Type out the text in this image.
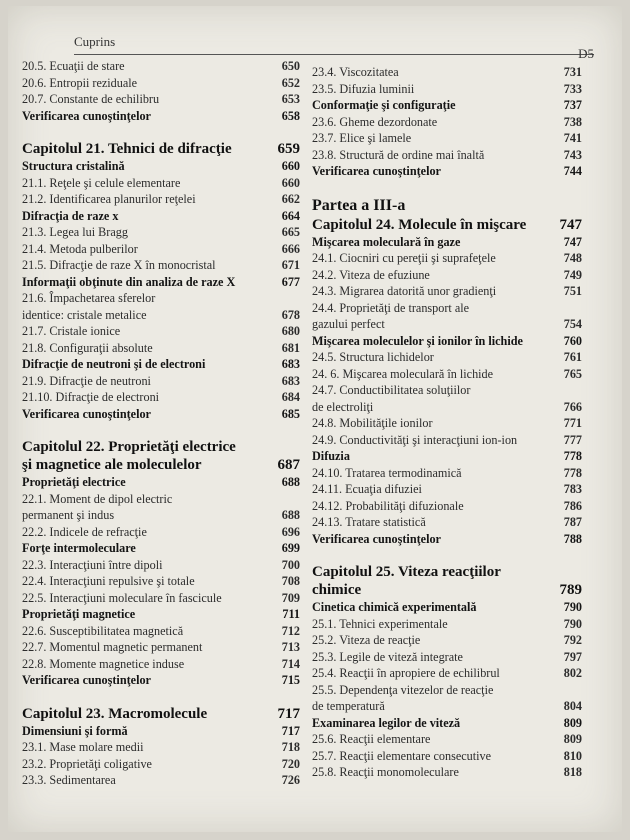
Cuprins
D5
20.5. Ecuaţii de stare	650
20.6. Entropii reziduale	652
20.7. Constante de echilibru	653
Verificarea cunoştinţelor	658
Capitolul 21. Tehnici de difracţie	659
Structura cristalină	660
21.1. Reţele şi celule elementare	660
21.2. Identificarea planurilor reţelei	662
Difracţia de raze x	664
21.3. Legea lui Bragg	665
21.4. Metoda pulberilor	666
21.5. Difracţie de raze X în monocristal	671
Informaţii obţinute din analiza de raze X	677
21.6. Împachetarea sferelor
identice: cristale metalice	678
21.7. Cristale ionice	680
21.8. Configuraţii absolute	681
Difracţie de neutroni şi de electroni	683
21.9. Difracţie de neutroni	683
21.10. Difracţie de electroni	684
Verificarea cunoştinţelor	685
Capitolul 22. Proprietăţi electrice
şi magnetice ale moleculelor	687
Proprietăţi electrice	688
22.1. Moment de dipol electric
permanent şi indus	688
22.2. Indicele de refracţie	696
Forţe intermoleculare	699
22.3. Interacţiuni între dipoli	700
22.4. Interacţiuni repulsive şi totale	708
22.5. Interacţiuni moleculare în fascicule	709
Proprietăţi magnetice	711
22.6. Susceptibilitatea magnetică	712
22.7. Momentul magnetic permanent	713
22.8. Momente magnetice induse	714
Verificarea cunoştinţelor	715
Capitolul 23. Macromolecule	717
Dimensiuni şi formă	717
23.1. Mase molare medii	718
23.2. Proprietăţi coligative	720
23.3. Sedimentarea	726
23.4. Viscozitatea	731
23.5. Difuzia luminii	733
Conformaţie şi configuraţie	737
23.6. Gheme dezordonate	738
23.7. Elice şi lamele	741
23.8. Structură de ordine mai înaltă	743
Verificarea cunoştinţelor	744
Partea a III-a
Capitolul 24. Molecule în mişcare	747
Mişcarea moleculară în gaze	747
24.1. Ciocniri cu pereţii şi suprafeţele	748
24.2. Viteza de efuziune	749
24.3. Migrarea datorită unor gradienţi	751
24.4. Proprietăţi de transport ale
gazului perfect	754
Mişcarea moleculelor şi ionilor în lichide	760
24.5. Structura lichidelor	761
24. 6. Mişcarea moleculară în lichide	765
24.7. Conductibilitatea soluţiilor
de electroliţi	766
24.8. Mobilităţile ionilor	771
24.9. Conductivităţi şi interacţiuni ion-ion	777
Difuzia	778
24.10. Tratarea termodinamică	778
24.11. Ecuaţia difuziei	783
24.12. Probabilităţi difuzionale	786
24.13. Tratare statistică	787
Verificarea cunoştinţelor	788
Capitolul 25. Viteza reacţiilor
chimice	789
Cinetica chimică experimentală	790
25.1. Tehnici experimentale	790
25.2. Viteza de reacţie	792
25.3. Legile de viteză integrate	797
25.4. Reacţii în apropiere de echilibrul	802
25.5. Dependenţa vitezelor de reacţie
de temperatură	804
Examinarea legilor de viteză	809
25.6. Reacţii elementare	809
25.7. Reacţii elementare consecutive	810
25.8. Reacţii monomoleculare	818
